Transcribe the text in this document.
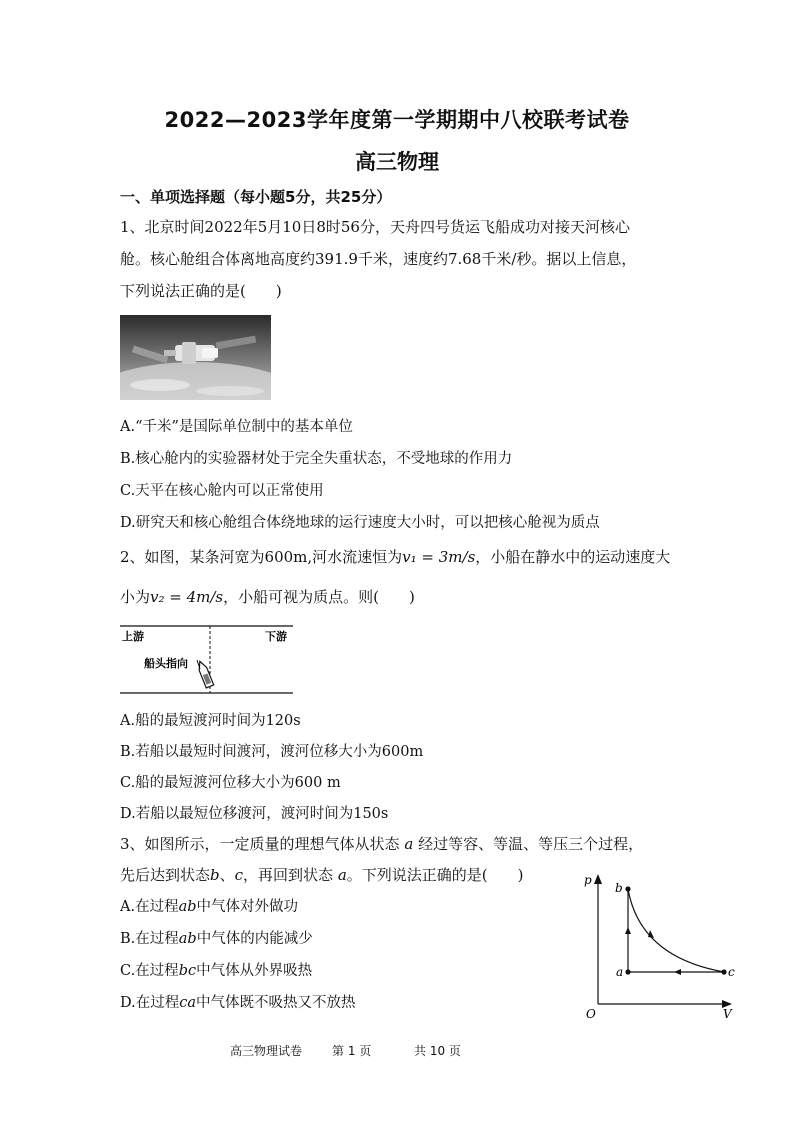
2022—2023学年度第一学期期中八校联考试卷
高三物理
一、单项选择题（每小题5分，共25分）
1、北京时间2022年5月10日8时56分，天舟四号货运飞船成功对接天河核心
舱。核心舱组合体离地高度约391.9千米，速度约7.68千米/秒。据以上信息，
下列说法正确的是(　　)
A.“千米”是国际单位制中的基本单位
B.核心舱内的实验器材处于完全失重状态，不受地球的作用力
C.天平在核心舱内可以正常使用
D.研究天和核心舱组合体绕地球的运行速度大小时，可以把核心舱视为质点
2、如图，某条河宽为600m,河水流速恒为v₁ = 3m/s，小船在静水中的运动速度大
小为v₂ = 4m/s，小船可视为质点。则(　　)
上游	下游
船头指向
A.船的最短渡河时间为120s
B.若船以最短时间渡河，渡河位移大小为600m
C.船的最短渡河位移大小为600 m
D.若船以最短位移渡河，渡河时间为150s
3、如图所示，一定质量的理想气体从状态 a 经过等容、等温、等压三个过程，
先后达到状态b、c，再回到状态 a。下列说法正确的是(　　)
A.在过程ab中气体对外做功
B.在过程ab中气体的内能减少
C.在过程bc中气体从外界吸热
D.在过程ca中气体既不吸热又不放热
p
V
O
a
b
c
高三物理试卷 第 1 页	共 10 页
